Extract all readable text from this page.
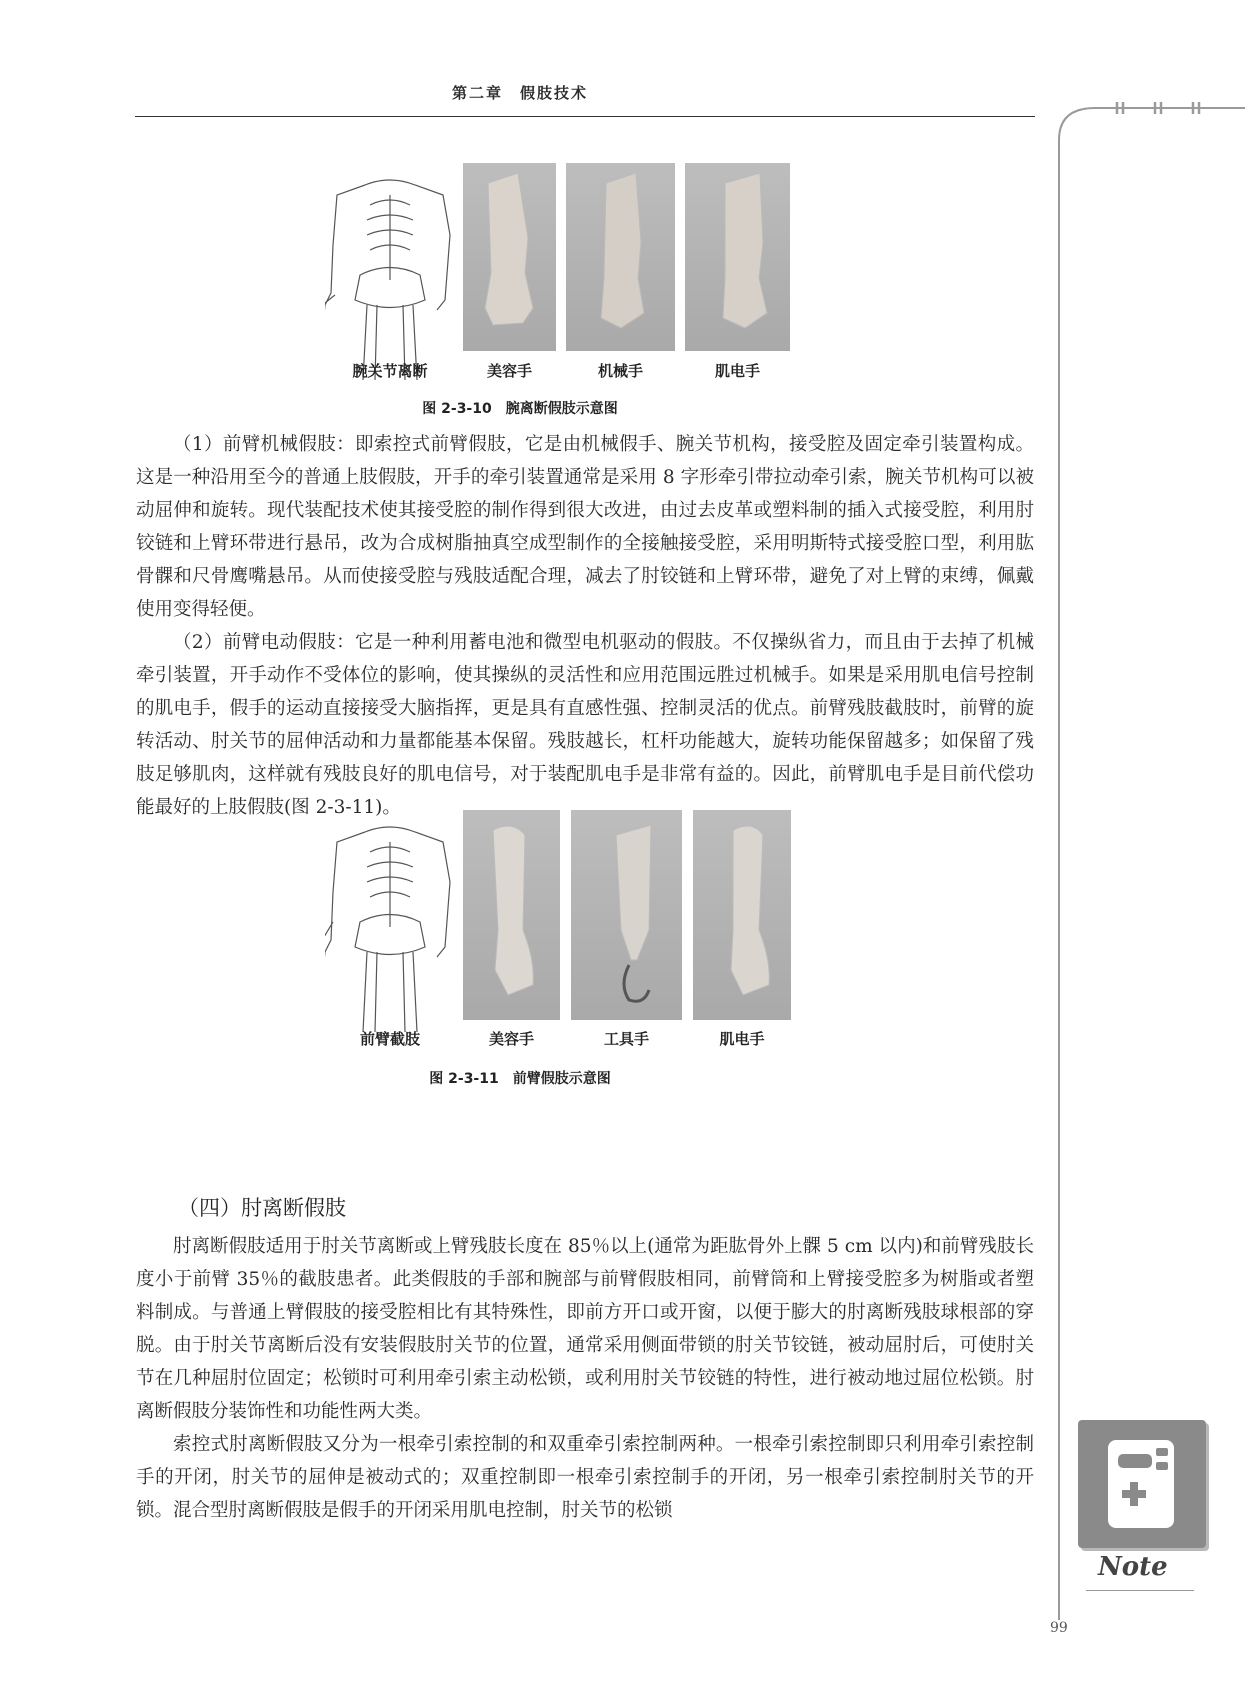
第二章　假肢技术
腕关节离断	美容手	机械手	肌电手
图 2-3-10　腕离断假肢示意图

（1）前臂机械假肢：即索控式前臂假肢，它是由机械假手、腕关节机构，接受腔及固定牵引装置构成。这是一种沿用至今的普通上肢假肢，开手的牵引装置通常是采用 8 字形牵引带拉动牵引索，腕关节机构可以被动屈伸和旋转。现代装配技术使其接受腔的制作得到很大改进，由过去皮革或塑料制的插入式接受腔，利用肘铰链和上臂环带进行悬吊，改为合成树脂抽真空成型制作的全接触接受腔，采用明斯特式接受腔口型，利用肱骨髁和尺骨鹰嘴悬吊。从而使接受腔与残肢适配合理，减去了肘铰链和上臂环带，避免了对上臂的束缚，佩戴使用变得轻便。

（2）前臂电动假肢：它是一种利用蓄电池和微型电机驱动的假肢。不仅操纵省力，而且由于去掉了机械牵引装置，开手动作不受体位的影响，使其操纵的灵活性和应用范围远胜过机械手。如果是采用肌电信号控制的肌电手，假手的运动直接接受大脑指挥，更是具有直感性强、控制灵活的优点。前臂残肢截肢时，前臂的旋转活动、肘关节的屈伸活动和力量都能基本保留。残肢越长，杠杆功能越大，旋转功能保留越多；如保留了残肢足够肌肉，这样就有残肢良好的肌电信号，对于装配肌电手是非常有益的。因此，前臂肌电手是目前代偿功能最好的上肢假肢(图 2-3-11)。

前臂截肢	美容手	工具手	肌电手
图 2-3-11　前臂假肢示意图
（四）肘离断假肢

肘离断假肢适用于肘关节离断或上臂残肢长度在 85％以上(通常为距肱骨外上髁 5 cm 以内)和前臂残肢长度小于前臂 35％的截肢患者。此类假肢的手部和腕部与前臂假肢相同，前臂筒和上臂接受腔多为树脂或者塑料制成。与普通上臂假肢的接受腔相比有其特殊性，即前方开口或开窗，以便于膨大的肘离断残肢球根部的穿脱。由于肘关节离断后没有安装假肢肘关节的位置，通常采用侧面带锁的肘关节铰链，被动屈肘后，可使肘关节在几种屈肘位固定；松锁时可利用牵引索主动松锁，或利用肘关节铰链的特性，进行被动地过屈位松锁。肘离断假肢分装饰性和功能性两大类。

索控式肘离断假肢又分为一根牵引索控制的和双重牵引索控制两种。一根牵引索控制即只利用牵引索控制手的开闭，肘关节的屈伸是被动式的；双重控制即一根牵引索控制手的开闭，另一根牵引索控制肘关节的开锁。混合型肘离断假肢是假手的开闭采用肌电控制，肘关节的松锁

Note
99
